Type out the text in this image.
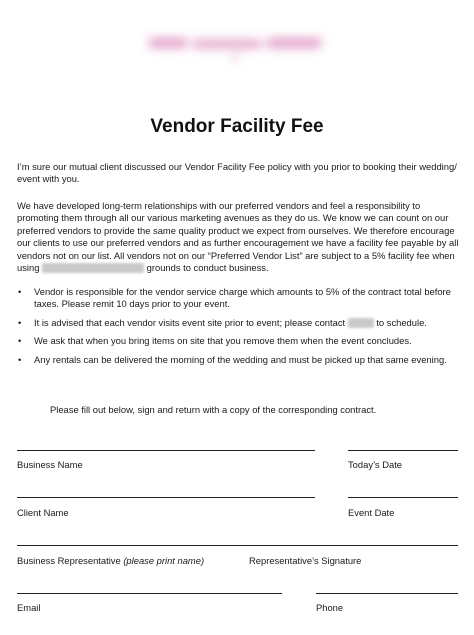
Vendor Facility Fee

I’m sure our mutual client discussed our Vendor Facility Fee policy with you prior to booking their wedding/ event with you.

We have developed long-term relationships with our preferred vendors and feel a responsibility to promoting them through all our various marketing avenues as they do us. We know we can count on our preferred vendors to provide the same quality product we expect from ourselves. We therefore encourage our clients to use our preferred vendors and as further encouragement we have a facility fee payable by all vendors not on our list. All vendors not on our “Preferred Vendor List” are subject to a 5% facility fee when using	grounds to conduct business.

• Vendor is responsible for the vendor service charge which amounts to 5% of the contract total before taxes. Please remit 10 days prior to your event.
• It is advised that each vendor visits event site prior to event; please contact	to schedule.
• We ask that when you bring items on site that you remove them when the event concludes.
• Any rentals can be delivered the morning of the wedding and must be picked up that same evening.
Please fill out below, sign and return with a copy of the corresponding contract.
Business Name	Today’s Date
Client Name	Event Date
Business Representative (please print name)	Representative’s Signature
Email	Phone
